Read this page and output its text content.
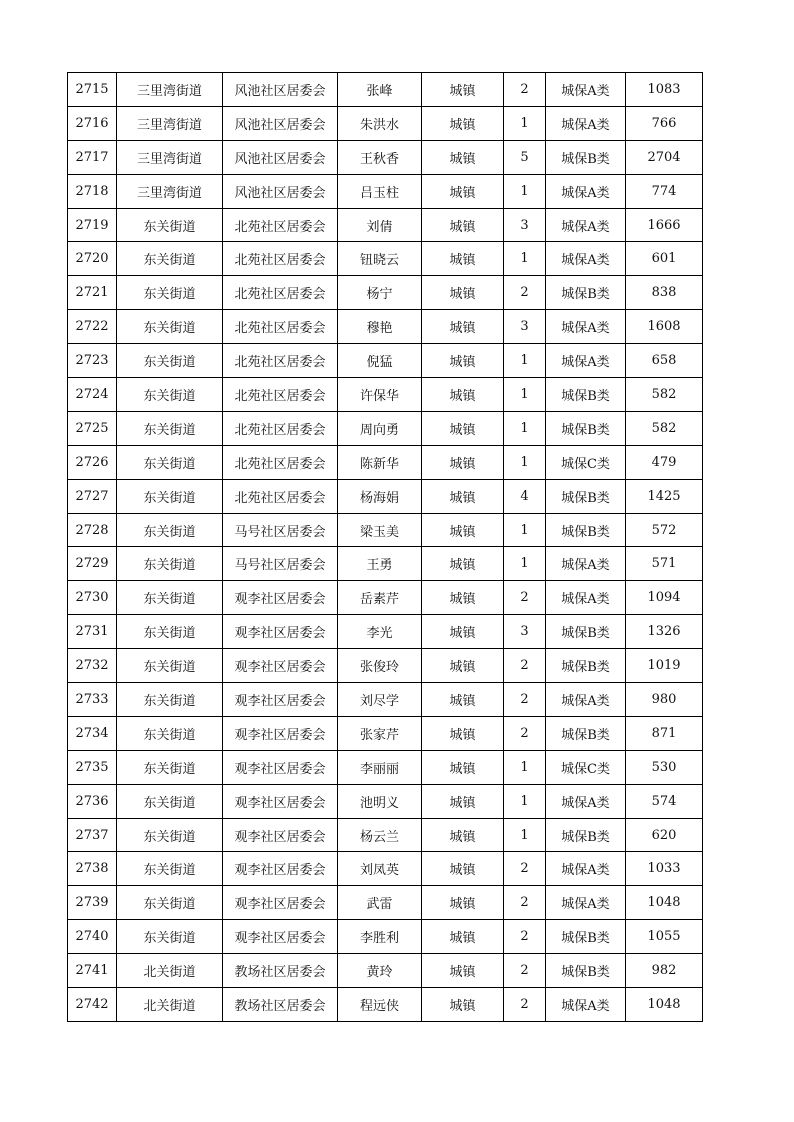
2715	三里湾街道	风池社区居委会	张峰	城镇	2	城保A类	1083
2716	三里湾街道	风池社区居委会	朱洪水	城镇	1	城保A类	766
2717	三里湾街道	风池社区居委会	王秋香	城镇	5	城保B类	2704
2718	三里湾街道	风池社区居委会	吕玉柱	城镇	1	城保A类	774
2719	东关街道	北苑社区居委会	刘倩	城镇	3	城保A类	1666
2720	东关街道	北苑社区居委会	钮晓云	城镇	1	城保A类	601
2721	东关街道	北苑社区居委会	杨宁	城镇	2	城保B类	838
2722	东关街道	北苑社区居委会	穆艳	城镇	3	城保A类	1608
2723	东关街道	北苑社区居委会	倪猛	城镇	1	城保A类	658
2724	东关街道	北苑社区居委会	许保华	城镇	1	城保B类	582
2725	东关街道	北苑社区居委会	周向勇	城镇	1	城保B类	582
2726	东关街道	北苑社区居委会	陈新华	城镇	1	城保C类	479
2727	东关街道	北苑社区居委会	杨海娟	城镇	4	城保B类	1425
2728	东关街道	马号社区居委会	梁玉美	城镇	1	城保B类	572
2729	东关街道	马号社区居委会	王勇	城镇	1	城保A类	571
2730	东关街道	观李社区居委会	岳素芹	城镇	2	城保A类	1094
2731	东关街道	观李社区居委会	李光	城镇	3	城保B类	1326
2732	东关街道	观李社区居委会	张俊玲	城镇	2	城保B类	1019
2733	东关街道	观李社区居委会	刘尽学	城镇	2	城保A类	980
2734	东关街道	观李社区居委会	张家芹	城镇	2	城保B类	871
2735	东关街道	观李社区居委会	李丽丽	城镇	1	城保C类	530
2736	东关街道	观李社区居委会	池明义	城镇	1	城保A类	574
2737	东关街道	观李社区居委会	杨云兰	城镇	1	城保B类	620
2738	东关街道	观李社区居委会	刘凤英	城镇	2	城保A类	1033
2739	东关街道	观李社区居委会	武雷	城镇	2	城保A类	1048
2740	东关街道	观李社区居委会	李胜利	城镇	2	城保B类	1055
2741	北关街道	教场社区居委会	黄玲	城镇	2	城保B类	982
2742	北关街道	教场社区居委会	程远侠	城镇	2	城保A类	1048
